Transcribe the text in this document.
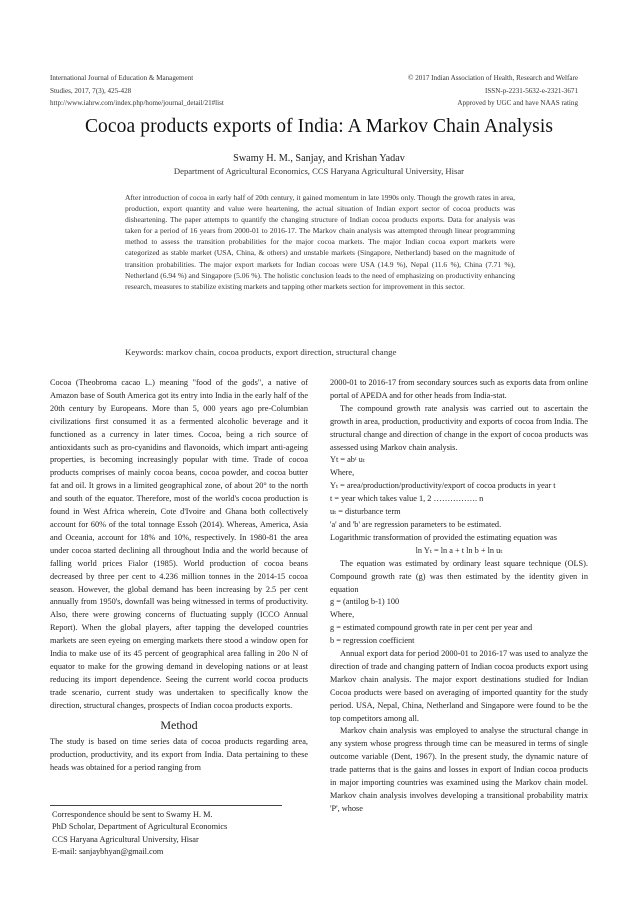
International Journal of Education & Management
Studies, 2017, 7(3), 425-428
http://www.iahrw.com/index.php/home/journal_detail/21#list
© 2017 Indian Association of Health, Research and Welfare
ISSN-p-2231-5632-e-2321-3671
Approved by UGC and have NAAS rating
Cocoa products exports of India: A Markov Chain Analysis
Swamy H. M., Sanjay, and Krishan Yadav
Department of Agricultural Economics, CCS Haryana Agricultural University, Hisar
After introduction of cocoa in early half of 20th century, it gained momentum in late 1990s only. Though the growth rates in area, production, export quantity and value were heartening, the actual situation of Indian export sector of cocoa products was disheartening. The paper attempts to quantify the changing structure of Indian cocoa products exports. Data for analysis was taken for a period of 16 years from 2000-01 to 2016-17. The Markov chain analysis was attempted through linear programming method to assess the transition probabilities for the major cocoa markets. The major Indian cocoa export markets were categorized as stable market (USA, China, & others) and unstable markets (Singapore, Netherland) based on the magnitude of transition probabilities. The major export markets for Indian cocoas were USA (14.9 %), Nepal (11.6 %), China (7.71 %), Netherland (6.94 %) and Singapore (5.06 %). The holistic conclusion leads to the need of emphasizing on productivity enhancing research, measures to stabilize existing markets and tapping other markets section for improvement in this sector.
Keywords: markov chain, cocoa products, export direction, structural change

Cocoa (Theobroma cacao L.) meaning "food of the gods", a native of Amazon base of South America got its entry into India in the early half of the 20th century by Europeans. More than 5, 000 years ago pre-Columbian civilizations first consumed it as a fermented alcoholic beverage and it functioned as a currency in later times. Cocoa, being a rich source of antioxidants such as pro-cyanidins and flavonoids, which impart anti-ageing properties, is becoming increasingly popular with time. Trade of cocoa products comprises of mainly cocoa beans, cocoa powder, and cocoa butter fat and oil. It grows in a limited geographical zone, of about 20° to the north and south of the equator. Therefore, most of the world's cocoa production is found in West Africa wherein, Cote d'Ivoire and Ghana both collectively account for 60% of the total tonnage Essoh (2014). Whereas, America, Asia and Oceania, account for 18% and 10%, respectively. In 1980-81 the area under cocoa started declining all throughout India and the world because of falling world prices Fialor (1985). World production of cocoa beans decreased by three per cent to 4.236 million tonnes in the 2014-15 cocoa season. However, the global demand has been increasing by 2.5 per cent annually from 1950's, downfall was being witnessed in terms of productivity. Also, there were growing concerns of fluctuating supply (ICCO Annual Report). When the global players, after tapping the developed countries markets are seen eyeing on emerging markets there stood a window open for India to make use of its 45 percent of geographical area falling in 20o N of equator to make for the growing demand in developing nations or at least reducing its import dependence. Seeing the current world cocoa products trade scenario, current study was undertaken to specifically know the direction, structural changes, prospects of Indian cocoa products exports.

Method

The study is based on time series data of cocoa products regarding area, production, productivity, and its export from India. Data pertaining to these heads was obtained for a period ranging from

2000-01 to 2016-17 from secondary sources such as exports data from online portal of APEDA and for other heads from India-stat.

The compound growth rate analysis was carried out to ascertain the growth in area, production, productivity and exports of cocoa from India. The structural change and direction of change in the export of cocoa products was assessed using Markov chain analysis.

Yt = abᵗ uₜ

Where,

Yₜ = area/production/productivity/export of cocoa products in year t

t = year which takes value 1, 2 ……………. n

uₜ = disturbance term

'a' and 'b' are regression parameters to be estimated.

Logarithmic transformation of provided the estimating equation was

ln Yₜ = ln a + t ln b + ln uₜ

The equation was estimated by ordinary least square technique (OLS). Compound growth rate (g) was then estimated by the identity given in equation

g = (antilog b-1) 100

Where,

g = estimated compound growth rate in per cent per year and

b = regression coefficient

Annual export data for period 2000-01 to 2016-17 was used to analyze the direction of trade and changing pattern of Indian cocoa products export using Markov chain analysis. The major export destinations studied for Indian Cocoa products were based on averaging of imported quantity for the study period. USA, Nepal, China, Netherland and Singapore were found to be the top competitors among all.

Markov chain analysis was employed to analyse the structural change in any system whose progress through time can be measured in terms of single outcome variable (Dent, 1967). In the present study, the dynamic nature of trade patterns that is the gains and losses in export of Indian cocoa products in major importing countries was examined using the Markov chain model. Markov chain analysis involves developing a transitional probability matrix 'P', whose

Correspondence should be sent to Swamy H. M.
PhD Scholar, Department of Agricultural Economics
CCS Haryana Agricultural University, Hisar
E-mail: sanjaybhyan@gmail.com
